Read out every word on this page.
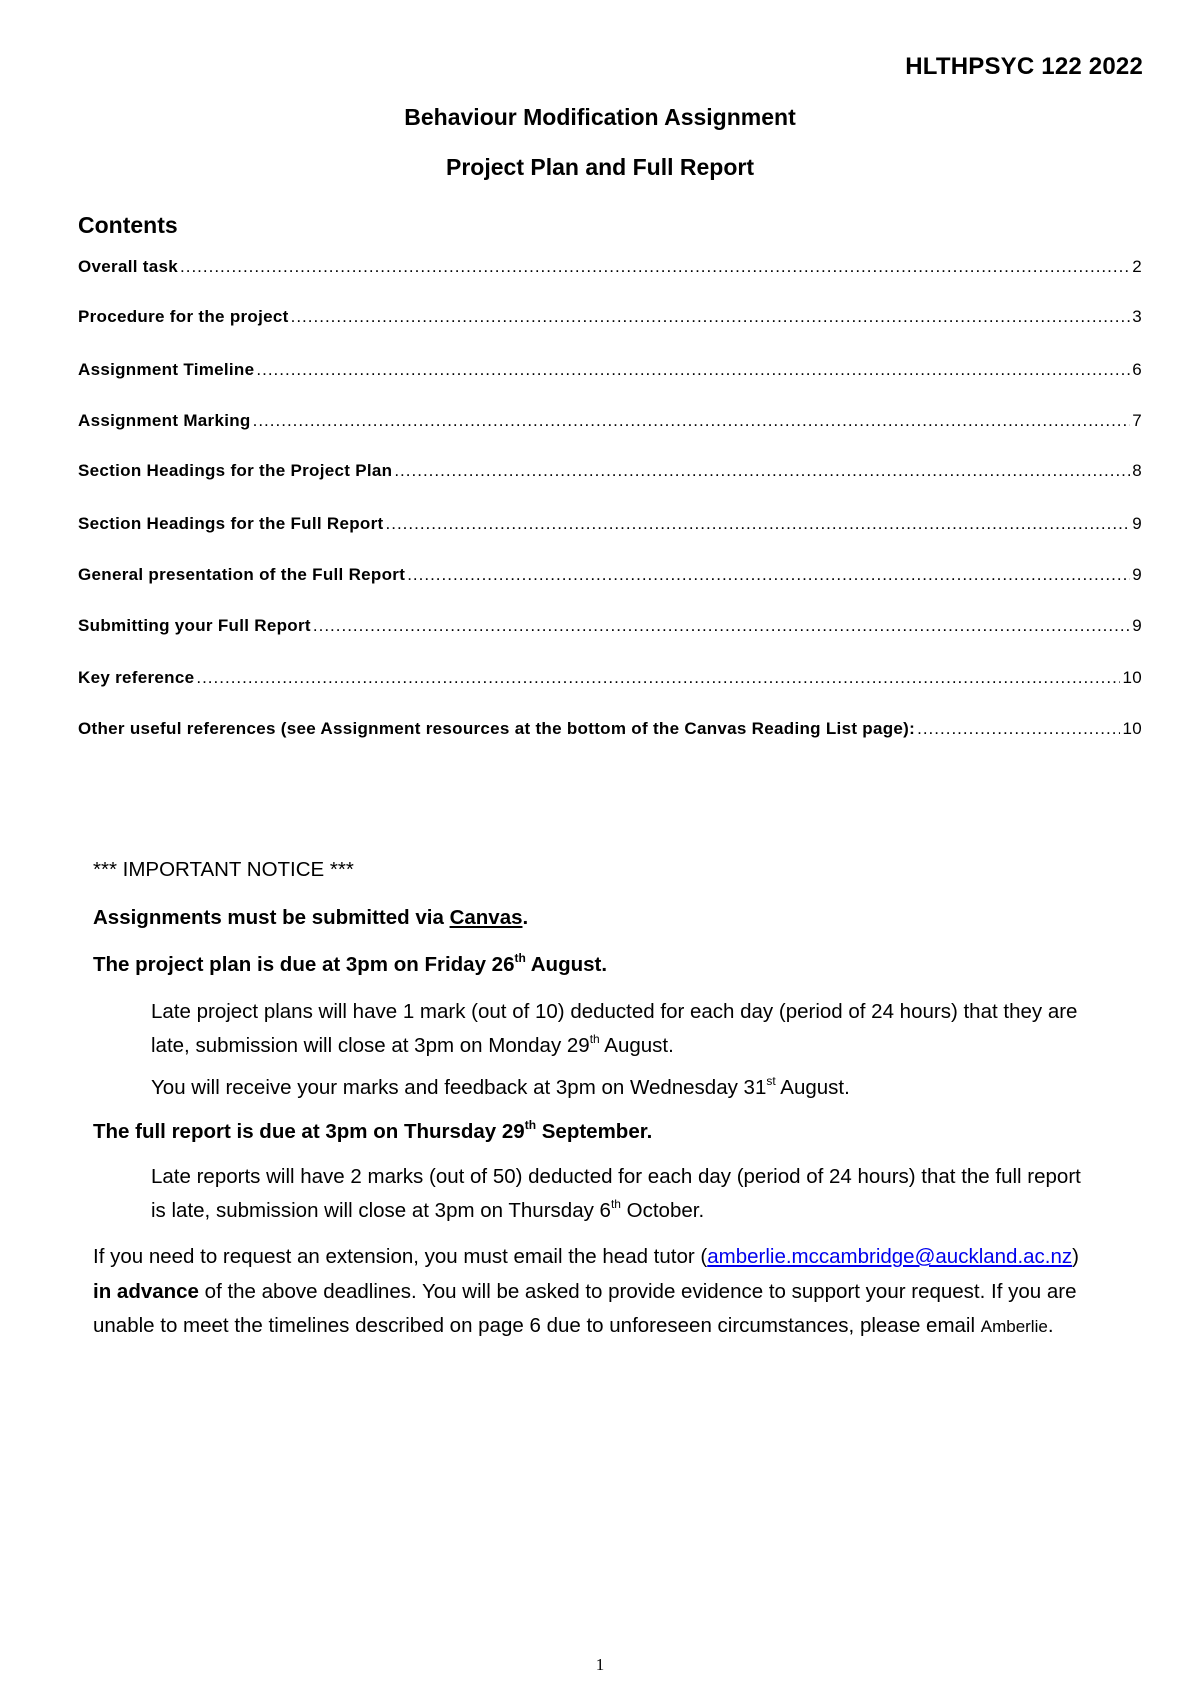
HLTHPSYC 122 2022
Behaviour Modification Assignment
Project Plan and Full Report
Contents
Overall task .....	2
Procedure for the project .....	3
Assignment Timeline .....	6
Assignment Marking .....	7
Section Headings for the Project Plan .....	8
Section Headings for the Full Report .....	9
General presentation of the Full Report .....	9
Submitting your Full Report .....	9
Key reference .....	10
Other useful references (see Assignment resources at the bottom of the Canvas Reading List page): .....	10

*** IMPORTANT NOTICE ***

Assignments must be submitted via Canvas.

The project plan is due at 3pm on Friday 26th August.

Late project plans will have 1 mark (out of 10) deducted for each day (period of 24 hours) that they are late, submission will close at 3pm on Monday 29th August.

You will receive your marks and feedback at 3pm on Wednesday 31st August.

The full report is due at 3pm on Thursday 29th September.

Late reports will have 2 marks (out of 50) deducted for each day (period of 24 hours) that the full report is late, submission will close at 3pm on Thursday 6th October.

If you need to request an extension, you must email the head tutor (amberlie.mccambridge@auckland.ac.nz) in advance of the above deadlines. You will be asked to provide evidence to support your request. If you are unable to meet the timelines described on page 6 due to unforeseen circumstances, please email Amberlie.

1
